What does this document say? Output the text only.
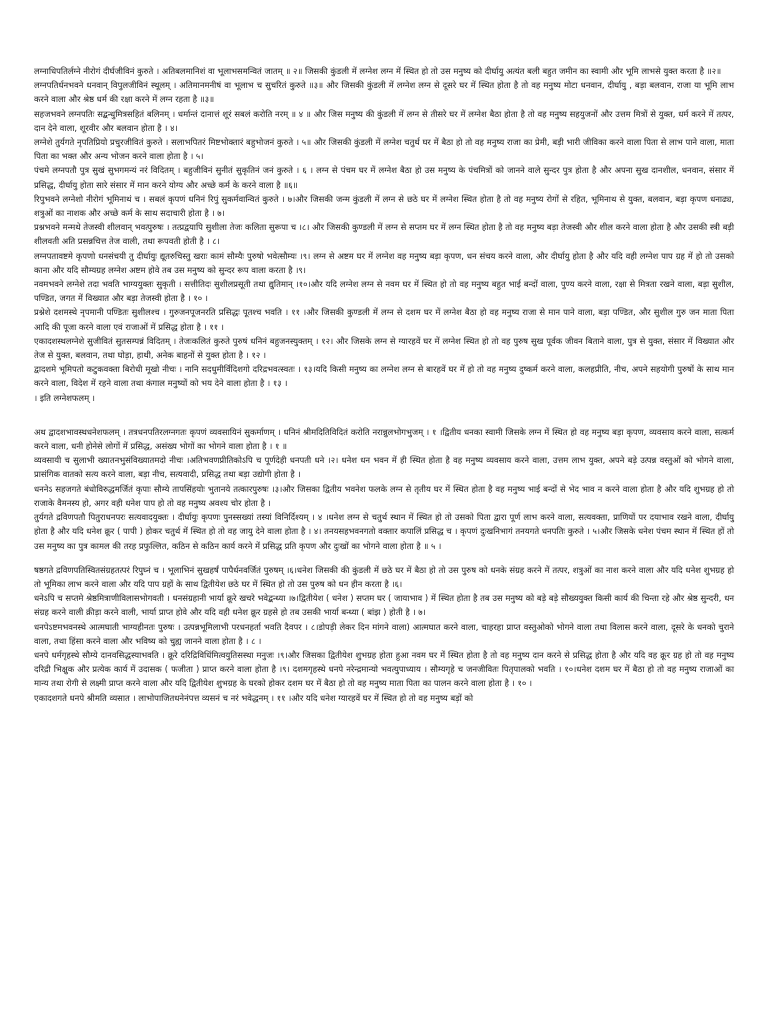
लग्नाधिपतिर्लग्ने नीरोगं दीर्घजीविनं कुरुते । अतिबलमानिशं वा भूलाभसमन्वितं जातम् ॥ २॥ जिसकी कुंडली में लग्नेश लग्न में स्थित हो तो उस मनुष्य को दीर्घायु अत्यंत बली बहुत जमीन का स्वामी और भूमि लाभसे युक्त करता है ॥२॥

लग्नपतिर्धनभवने धनवान् विपुलजीविनं स्थूलम् । अतिमानमनीषं वा भूलाभ च सुचरितं कुरुते ॥३॥ और जिसकी कुंडली में लग्नेश लग्न से दूसरे घर में स्थित होता है तो वह मनुष्य मोटा धनवान, दीर्घायु , बड़ा बलवान, राजा या भूमि लाभ करने वाला और श्रेष्ठ धर्म की रक्षा करने में लग्न रहता है ॥३॥

सहजभवने लग्नपतिः सद्बन्धुमित्रसहितं बलिनम् । धर्मान्तं दानात्तं शूरं सबलं करोति नरम् ॥ ४ ॥ और जिस मनुष्य की कुंडली में लग्न से तीसरे घर में लग्नेश बैठा होता है तो वह मनुष्य सहयुजनों और उत्तम मित्रों से युक्त, धर्म करने में तत्पर, दान देने वाला, शूरवीर और बलवान होता है । ४।

लग्नेशे तुर्यगते नृपतिप्रियो प्रचुरजीवितं कुरुते । सलाभपितरं मिष्टभोक्तारं बहुभोजनं कुरुते । ५॥ और जिसकी कुंडली में लग्नेश चतुर्थ घर में बैठा हो तो वह मनुष्य राजा का प्रेमी, बड़ी भारी जीविका करने वाला पिता से लाभ पाने वाला, माता पिता का भक्त और अन्य भोजन करने वाला होता है । ५।

पंचमे लग्नपतौ पुत्र सुखं सुभगमन्यं नरं विदितम् । बहुजीविनं सुनीतं सुकृतिनं जनं कुरुते । ६ । लग्न से पंचम घर में लग्नेश बैठा हो उस मनुष्य के पंचमित्रों को जानने वाले सुन्दर पुत्र होता है और अपना सुख दानशील, धनवान, संसार में प्रसिद्ध, दीर्घायु होता सारे संसार में मान करने योग्य और अच्छे कर्म के करने वाला है ॥६॥

रिपुभवने लग्नेशो नीरोगं भूमिनाथं च । सबलं कृपणं धनिनं रिपुं सुकर्मवान्वितं कुरुते । ७।और जिसकी जन्म कुंडली में लग्न से छठे घर में लग्नेश स्थित होता है तो वह मनुष्य रोगों से रहित, भूमिनाथ से युक्त, बलवान, बड़ा कृपण धनाढ्य, शत्रुओं का नाशक और अच्छे कर्म के साथ सदाचारी होता है । ७।

प्रश्नभवने मन्मथे तेजस्वी शीलवान् भवत्पुरुषः । तत्प्रद्वयापि सुशीला तेजः कलिता सुरूपा च ।८। और जिसकी कुण्डली में लग्न से सप्तम घर में लग्न स्थित होता है तो वह मनुष्य बड़ा तेजस्वी और शील करने वाला होता है और उसकी स्त्री बड़ी शीलवती अति प्रसन्नचित्त तेज वाली, तथा रूपवती होती है । ८।

लग्नपतावष्टमे कृपणो धनसंचयी तु दीर्घायुः द्यूतरुचिस्तु खराः कामं सौम्यैः पुरुषो भवेत्सौम्यः ।९। लग्न से अष्टम घर में लग्नेश वह मनुष्य बड़ा कृपण, धन संचय करने वाला, और दीर्घायु होता है और यदि वही लग्नेश पाप ग्रह में हो तो उसको काना और यदि सौम्यग्रह लग्नेश अष्टम होवे तब उस मनुष्य को सुन्दर रूप वाला करता है ।९।

नवमभवने लग्नेशे तदा भवति भाग्ययुक्तः सुकृती । सत्तीतिदः सुशीलप्रसूती तथा द्युतिमान् ।१०।और यदि लग्नेश लग्न से नवम घर में स्थित हो तो वह मनुष्य बहुत भाई बन्दों वाला, पुण्य करने वाला, रक्षा से मित्रता रखने वाला, बड़ा सुशील, पण्डित, जगत में विख्यात और बड़ा तेजस्वी होता है । १० ।

प्रश्नेशे दशमस्थे नृपमानी पण्डितः सुशीलश्च । गुरुजनपूजनरति प्रसिद्धः पूतश्च भवति । ११ ।और जिसकी कुण्डली में लग्न से दशम घर में लग्नेश बैठा हो वह मनुष्य राजा से मान पाने वाला, बड़ा पण्डित, और सुशील गुरु जन माता पिता आदि की पूजा करने वाला एवं राजाओं में प्रसिद्ध होता है । ११ ।

एकादशस्थलग्नेशे सुजीवितं सुतसम्पन्नं विदितम् । तेजःकलितं कुरुते पुरुषं धनिनं बहुजनस्युक्तम् । १२। और जिसके लग्न से ग्यारहवें घर में लग्नेश स्थित हो तो वह पुरुष सुख पूर्वक जीवन बिताने वाला, पुत्र से युक्त, संसार में विख्यात और तेज से युक्त, बलवान, तथा घोड़ा, हाथी, अनेक बाहनों से युक्त होता है । १२ ।

द्वादशमे भूमिपतो कटुकवक्ता बिरोधी मूखो नीचः । नानि सदधुमीर्विदिशगो दरिद्रभवत्स्वतः । १३।यदि किसी मनुष्य का लग्नेश लग्न से बारहवें घर में हो तो वह मनुष्य दुष्कर्म करने वाला, कलहप्रीति, नीच, अपने सहयोगी पुरुषों के साथ मान करने वाला, विदेश में रहने वाला तथा कंगाल मनुष्यों को भय देने वाला होता है । १३ ।

। इति लग्नेशफलम् ।

अथ द्वादशभावस्थधनेशफलम् । तत्रधनपतिरलग्नगतः कृपणं व्यवसायिनं सुकर्माणम् । धनिनं श्रीमदितिविदितं करोति नरान्नुलभोगभुजम् । १ ।द्वितीय धनका स्वामी जिसके लग्न में स्थित हो वह मनुष्य बड़ा कृपण, व्यवसाय करने वाला, सत्कर्म करने वाला, धनी होनेसे लोगों में प्रसिद्ध, असंख्य भोगों का भोगने वाला होता है । १ ॥

व्यवसायी च सुलाभी ख्यातनभुसंविख्यातमदो नीचः ।अतिभवणप्रीतिकोऽपि च पूर्णदेही धनपती धने ।२। धनेश धन भवन में ही स्थित होता है वह मनुष्य व्यवसाय करने वाला, उत्तम लाभ युक्त, अपने बड़े उत्पन्न वस्तुओं को भोगने वाला, प्रासंगिक वातको सत्य करने वाला, बड़ा नीच, सत्यवादी, प्रसिद्ध तथा बड़ा उद्योगी होता है ।

धननेऽ सहजगते बंधोविरुद्धमर्जितं कृपाः सौम्ये तापसिंहयोः भुतानये तत्कारपुरुषः ।३।और जिसका द्वितीय भवनेश फलके लग्न से तृतीय घर में स्थित होता है वह मनुष्य भाई बन्दों से भेद भाव न करने वाला होता है और यदि शुभग्रह हो तो राजाके वैमनस्य हो, अगर वही धनेश पाप हो तो वह मनुष्य अवश्य चोर होता है ।

तुर्यगते द्रविणपतौ पितुराधनपरः सत्यवादयुक्तः । दीर्घायुः कृपणः पुनस्सख्यां तस्यां विनिर्दिश्यम् । ४ ।धनेश लग्न से चतुर्थ स्थान में स्थित हो तो उसको पिता द्वारा पूर्ण लाभ करने वाला, सत्यवक्ता, प्राणियों पर दयाभाव रखने वाला, दीर्घायु होता है और यदि धनेश क्रूर ( पापी ) होकर चतुर्थ में स्थित हो तो वह जायु देने वाला होता है । ४। तनयसहभवनगतो वक्तार कपालिं प्रसिद्ध च । कृपणं दुःखनिभागं तनयगते धनपतिः कुरुते । ५।और जिसके धनेश पंचम स्थान में स्थित हों तो उस मनुष्य का पुत्र कामल की तरह प्रफुल्लित, कठिन से कठिन कार्य करने में प्रसिद्ध प्रति कृपण और दुःखों का भोगने वाला होता है ॥ ५ ।

षष्ठगते द्रविणपतिस्वितसंग्रहतत्परं रिपुघ्नं च । भूलाभिनं सुखहर्षं पापैर्धनवर्जितं पुरुषम् ।६।धनेश जिसकी की कुंडली में छठे घर में बैठा हो तो उस पुरुष को धनके संग्रह करने में तत्पर, शत्रुओं का नाश करने वाला और यदि धनेश शुभग्रह हो तो भूमिका लाभ करने वाला और यदि पाप ग्रहों के साथ द्वितीयेश छठे घर में स्थित हो तो उस पुरुष को धन हीन करता है ।६।

धनेऽपि च सप्तमे श्रेष्ठमित्राणीविलासभोगवती । धनसंग्रहानी भार्या क्रूरे खचरे भवेद्बन्ध्या ।७।द्वितीयेश ( धनेश ) सप्तम घर ( जायाभाव ) में स्थित होता है तब उस मनुष्य को बड़े बड़े सौख्ययुक्त किसी कार्य की चिन्ता रहे और श्रेष्ठ सुन्दरी, धन संग्रह करने वाली क्रीड़ा करने वाली, भार्या प्राप्त होवे और यदि वही धनेश क्रूर ग्रहसे हो तब उसकी भार्या बन्ध्या ( बांझ ) होती है । ७।

धनपेऽष्टमभवनस्थे आत्मघाती भाग्यहीनतः पुरुषः । उत्पन्नभूमिलाभी परधनहर्ता भवति दैवपर । ८।डोपड़ी लेकर दिन मांगने वाला) आत्मघात करने वाला, चाहरहा प्राप्त वस्तुओको भोगने वाला तथा विलास करने वाला, दूसरे के धनको चुराने वाला, तथा हिंसा करने वाला और भविष्य को चुह्य जानने वाला होता है । ८ ।

धनपे धर्मगृहस्थे सौम्ये दानवसिद्धस्याभवति । क्रूरे दरिद्रिविधिंमित्वयुतिसस्था मनुजः ।९।और जिसका द्वितीयेश शुभग्रह होता हुआ नवम घर में स्थित होता है तो वह मनुष्य दान करने से प्रसिद्ध होता है और यदि वह क्रूर ग्रह हो तो वह मनुष्य दरिद्री भिक्षुक और प्रत्येक कार्य में उदासक ( फजीता ) प्राप्त करने वाला होता है ।९। दशमगृहस्थे धनपे नरेन्द्रमान्यो भवत्युपाध्याय । सौम्यगृहे च जनजीवितः पितृपालको भवति । १०।धनेश दशम घर में बैठा हो तो वह मनुष्य राजाओं का मान्य तथा रोगी से लक्ष्मी प्राप्त करने वाला और यदि द्वितीयेश शुभग्रह के घरको होकर दशम घर में बैठा हो तो वह मनुष्य माता पिता का पालन करने वाला होता है । १० ।

एकादशगते धनपे श्रीमति व्यसात । लाभोपाजितधनेनंपत्त व्यसनं च नरं भवेद्धनम् । ११ ।और यदि धनेश ग्यारहवें घर में स्थित हो तो वह मनुष्य बड़ों को
